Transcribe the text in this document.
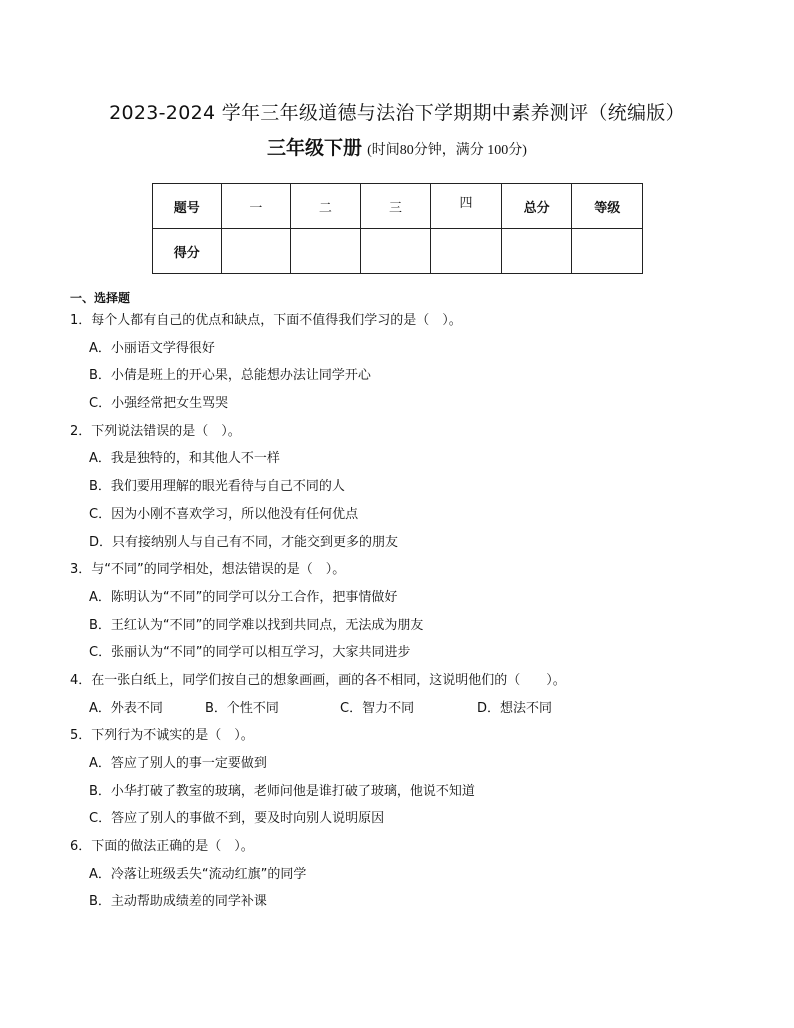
2023-2024 学年三年级道德与法治下学期期中素养测评（统编版）
三年级下册 (时间80分钟，满分 100分)
题号	一	二	三	四	总分	等级
得分						
一、选择题
1．每个人都有自己的优点和缺点，下面不值得我们学习的是（　）。
A．小丽语文学得很好
B．小倩是班上的开心果，总能想办法让同学开心
C．小强经常把女生骂哭
2．下列说法错误的是（　）。
A．我是独特的，和其他人不一样
B．我们要用理解的眼光看待与自己不同的人
C．因为小刚不喜欢学习，所以他没有任何优点
D．只有接纳别人与自己有不同，才能交到更多的朋友
3．与“不同”的同学相处，想法错误的是（　）。
A．陈明认为“不同”的同学可以分工合作，把事情做好
B．王红认为“不同”的同学难以找到共同点，无法成为朋友
C．张丽认为“不同”的同学可以相互学习，大家共同进步
4．在一张白纸上，同学们按自己的想象画画，画的各不相同，这说明他们的（　　）。
A．外表不同	B．个性不同	C．智力不同	D．想法不同
5．下列行为不诚实的是（　）。
A．答应了别人的事一定要做到
B．小华打破了教室的玻璃，老师问他是谁打破了玻璃，他说不知道
C．答应了别人的事做不到，要及时向别人说明原因
6．下面的做法正确的是（　）。
A．冷落让班级丢失“流动红旗”的同学
B．主动帮助成绩差的同学补课
